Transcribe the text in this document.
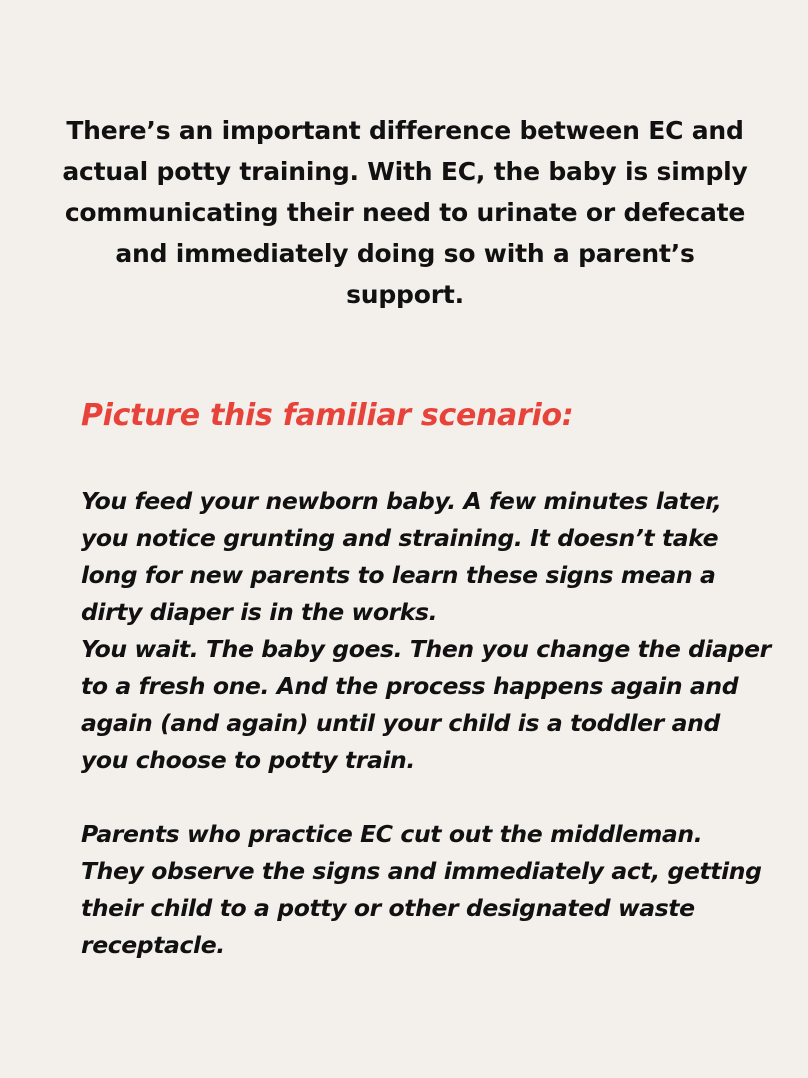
There’s an important difference between EC and actual potty training. With EC, the baby is simply communicating their need to urinate or defecate and immediately doing so with a parent’s support.

Picture this familiar scenario:

You feed your newborn baby. A few minutes later, you notice grunting and straining. It doesn’t take long for new parents to learn these signs mean a dirty diaper is in the works.

You wait. The baby goes. Then you change the diaper to a fresh one. And the process happens again and again (and again) until your child is a toddler and you choose to potty train.

Parents who practice EC cut out the middleman. They observe the signs and immediately act, getting their child to a potty or other designated waste receptacle.
